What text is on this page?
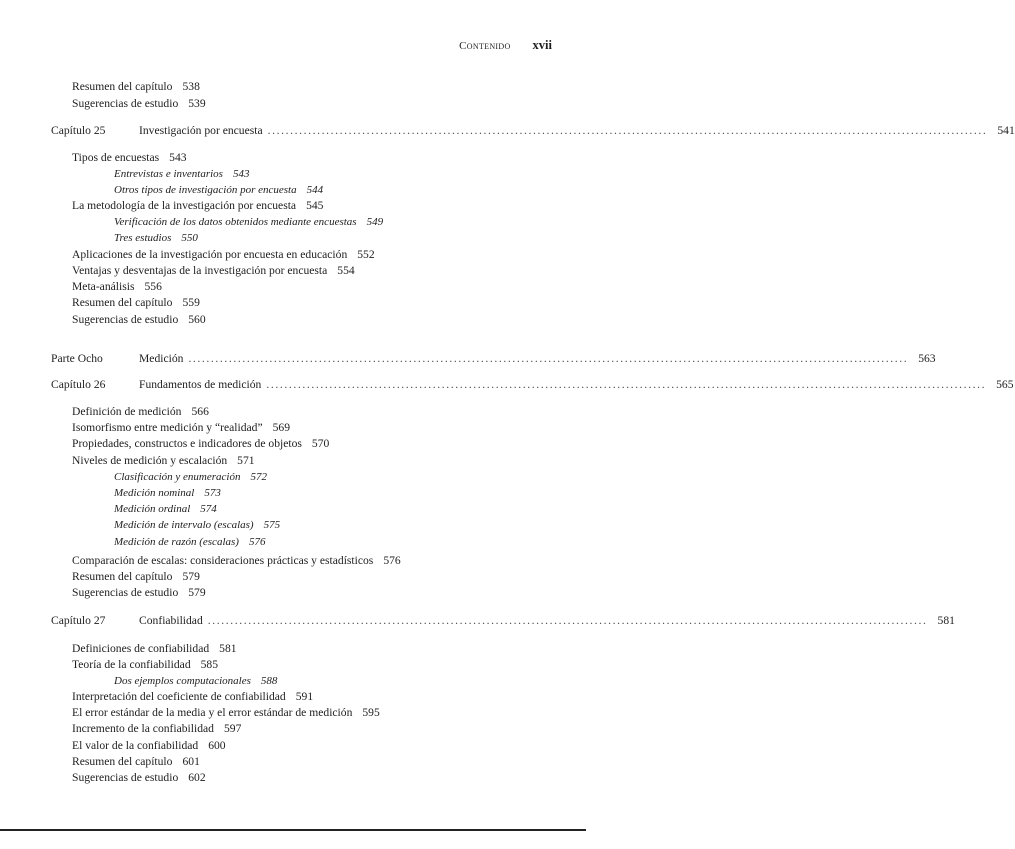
Contenido xvii
Resumen del capítulo 538
Sugerencias de estudio 539
Capítulo 25	Investigación por encuesta ................................................................................................................................................................ 541
Tipos de encuestas 543
Entrevistas e inventarios 543
Otros tipos de investigación por encuesta 544
La metodología de la investigación por encuesta 545
Verificación de los datos obtenidos mediante encuestas 549
Tres estudios 550
Aplicaciones de la investigación por encuesta en educación 552
Ventajas y desventajas de la investigación por encuesta 554
Meta-análisis 556
Resumen del capítulo 559
Sugerencias de estudio 560
Parte Ocho	Medición ................................................................................................................................................................ 563
Capítulo 26	Fundamentos de medición ................................................................................................................................................................ 565
Definición de medición 566
Isomorfismo entre medición y “realidad” 569
Propiedades, constructos e indicadores de objetos 570
Niveles de medición y escalación 571
Clasificación y enumeración 572
Medición nominal 573
Medición ordinal 574
Medición de intervalo (escalas) 575
Medición de razón (escalas) 576
Comparación de escalas: consideraciones prácticas y estadísticos 576
Resumen del capítulo 579
Sugerencias de estudio 579
Capítulo 27	Confiabilidad ................................................................................................................................................................ 581
Definiciones de confiabilidad 581
Teoría de la confiabilidad 585
Dos ejemplos computacionales 588
Interpretación del coeficiente de confiabilidad 591
El error estándar de la media y el error estándar de medición 595
Incremento de la confiabilidad 597
El valor de la confiabilidad 600
Resumen del capítulo 601
Sugerencias de estudio 602
